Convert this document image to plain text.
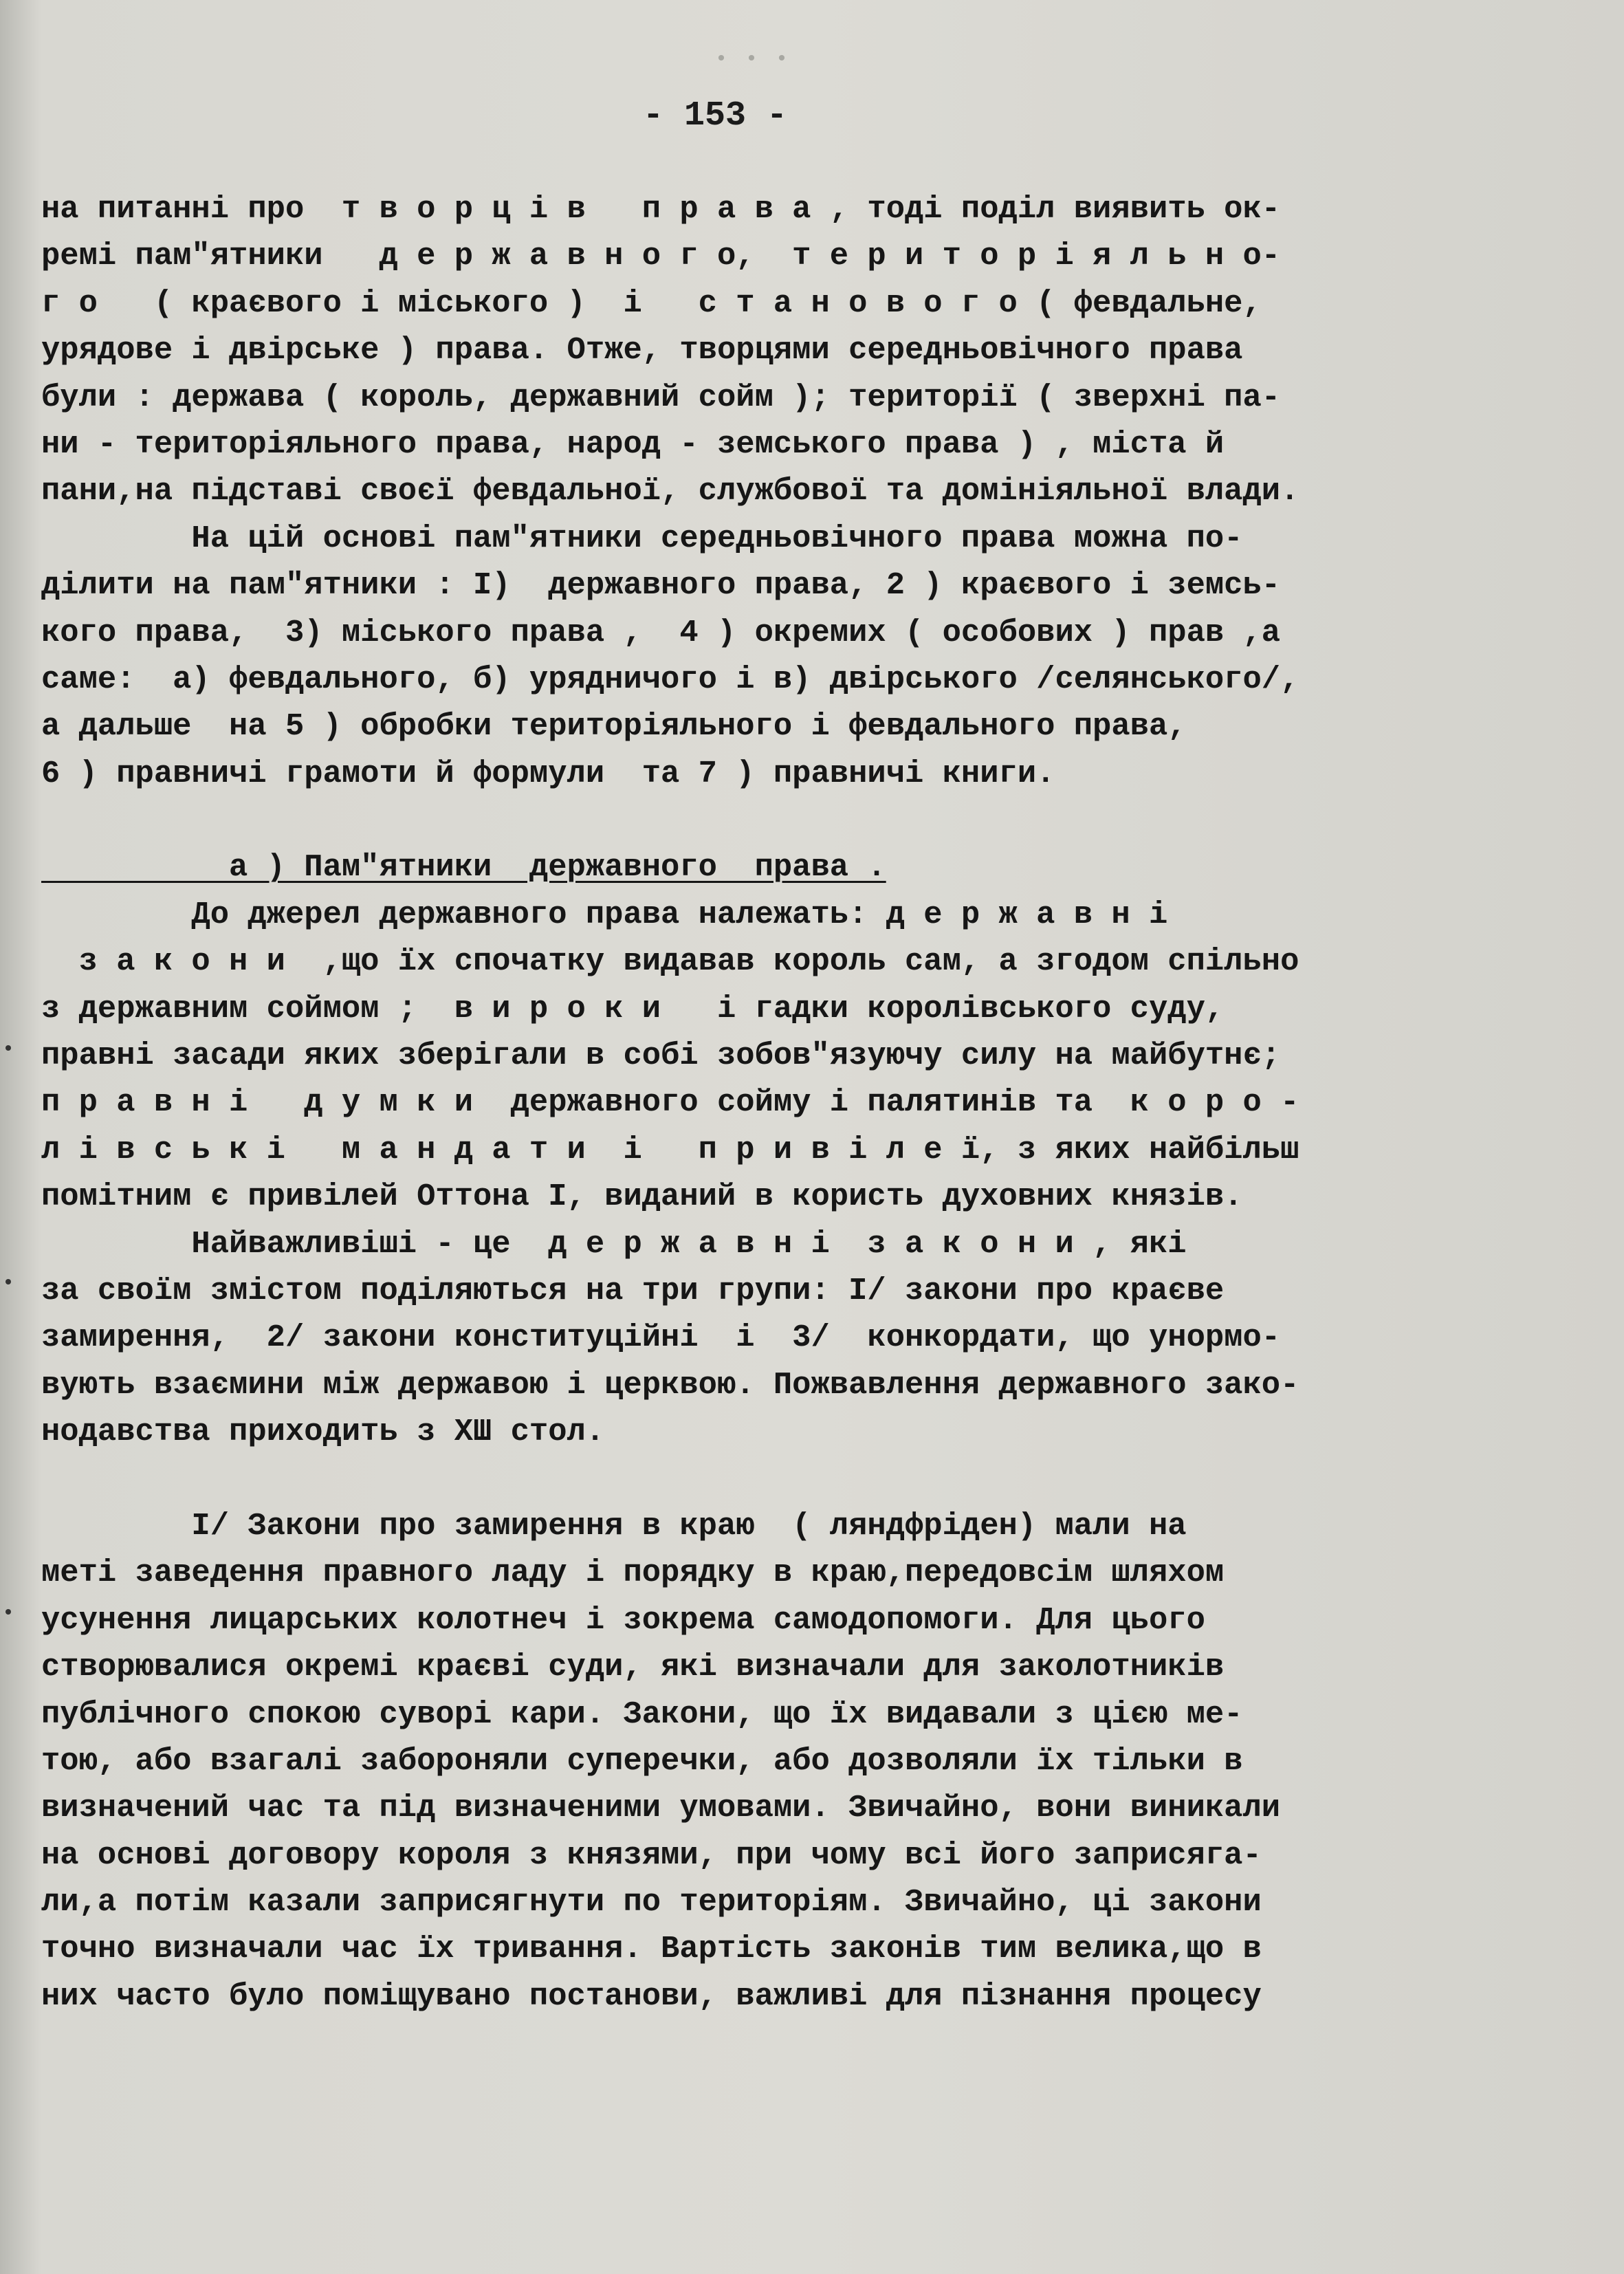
• • •
- 153 -
на питанні про  т в о р ц і в   п р а в а , тоді поділ виявить ок-
ремі пам"ятники   д е р ж а в н о г о,  т е р и т о р і я л ь н о-
г о   ( краєвого і міського )  і   с т а н о в о г о ( февдальне,
урядове і двірське ) права. Отже, творцями середньовічного права
були : держава ( король, державний сойм ); території ( зверхні па-
ни - територіяльного права, народ - земського права ) , міста й
пани,на підставі своєї февдальної, службової та домініяльної влади.
На цій основі пам"ятники середньовічного права можна по-
ділити на пам"ятники : І)  державного права, 2 ) краєвого і земсь-
кого права,  3) міського права ,  4 ) окремих ( особових ) прав ,а
саме:  а) февдального, б) урядничого і в) двірського /селянського/,
а дальше  на 5 ) обробки територіяльного і февдального права,
6 ) правничі грамоти й формули  та 7 ) правничі книги.
а ) Пам"ятники  державного  права .
До джерел державного права належать: д е р ж а в н і
з а к о н и  ,що їх спочатку видавав король сам, а згодом спільно
з державним соймом ;  в и р о к и   і гадки королівського суду,
правні засади яких зберігали в собі зобов"язуючу силу на майбутнє;
п р а в н і   д у м к и  державного сойму і палятинів та  к о р о -
л і в с ь к і   м а н д а т и  і   п р и в і л е ї, з яких найбільш
помітним є привілей Оттона І, виданий в користь духовних князів.
Найважливіші - це  д е р ж а в н і  з а к о н и , які
за своїм змістом поділяються на три групи: І/ закони про краєве
замирення,  2/ закони конституційні  і  3/  конкордати, що унормо-
вують взаємини між державою і церквою. Пожвавлення державного зако-
нодавства приходить з ХШ стол.
І/ Закони про замирення в краю  ( ляндфріден) мали на
меті заведення правного ладу і порядку в краю,передовсім шляхом
усунення лицарських колотнеч і зокрема самодопомоги. Для цього
створювалися окремі краєві суди, які визначали для заколотників
публічного спокою суворі кари. Закони, що їх видавали з цією ме-
тою, або взагалі забороняли суперечки, або дозволяли їх тільки в
визначений час та під визначеними умовами. Звичайно, вони виникали
на основі договору короля з князями, при чому всі його заприсяга-
ли,а потім казали заприсягнути по територіям. Звичайно, ці закони
точно визначали час їх тривання. Вартість законів тим велика,що в
них часто було поміщувано постанови, важливі для пізнання процесу
